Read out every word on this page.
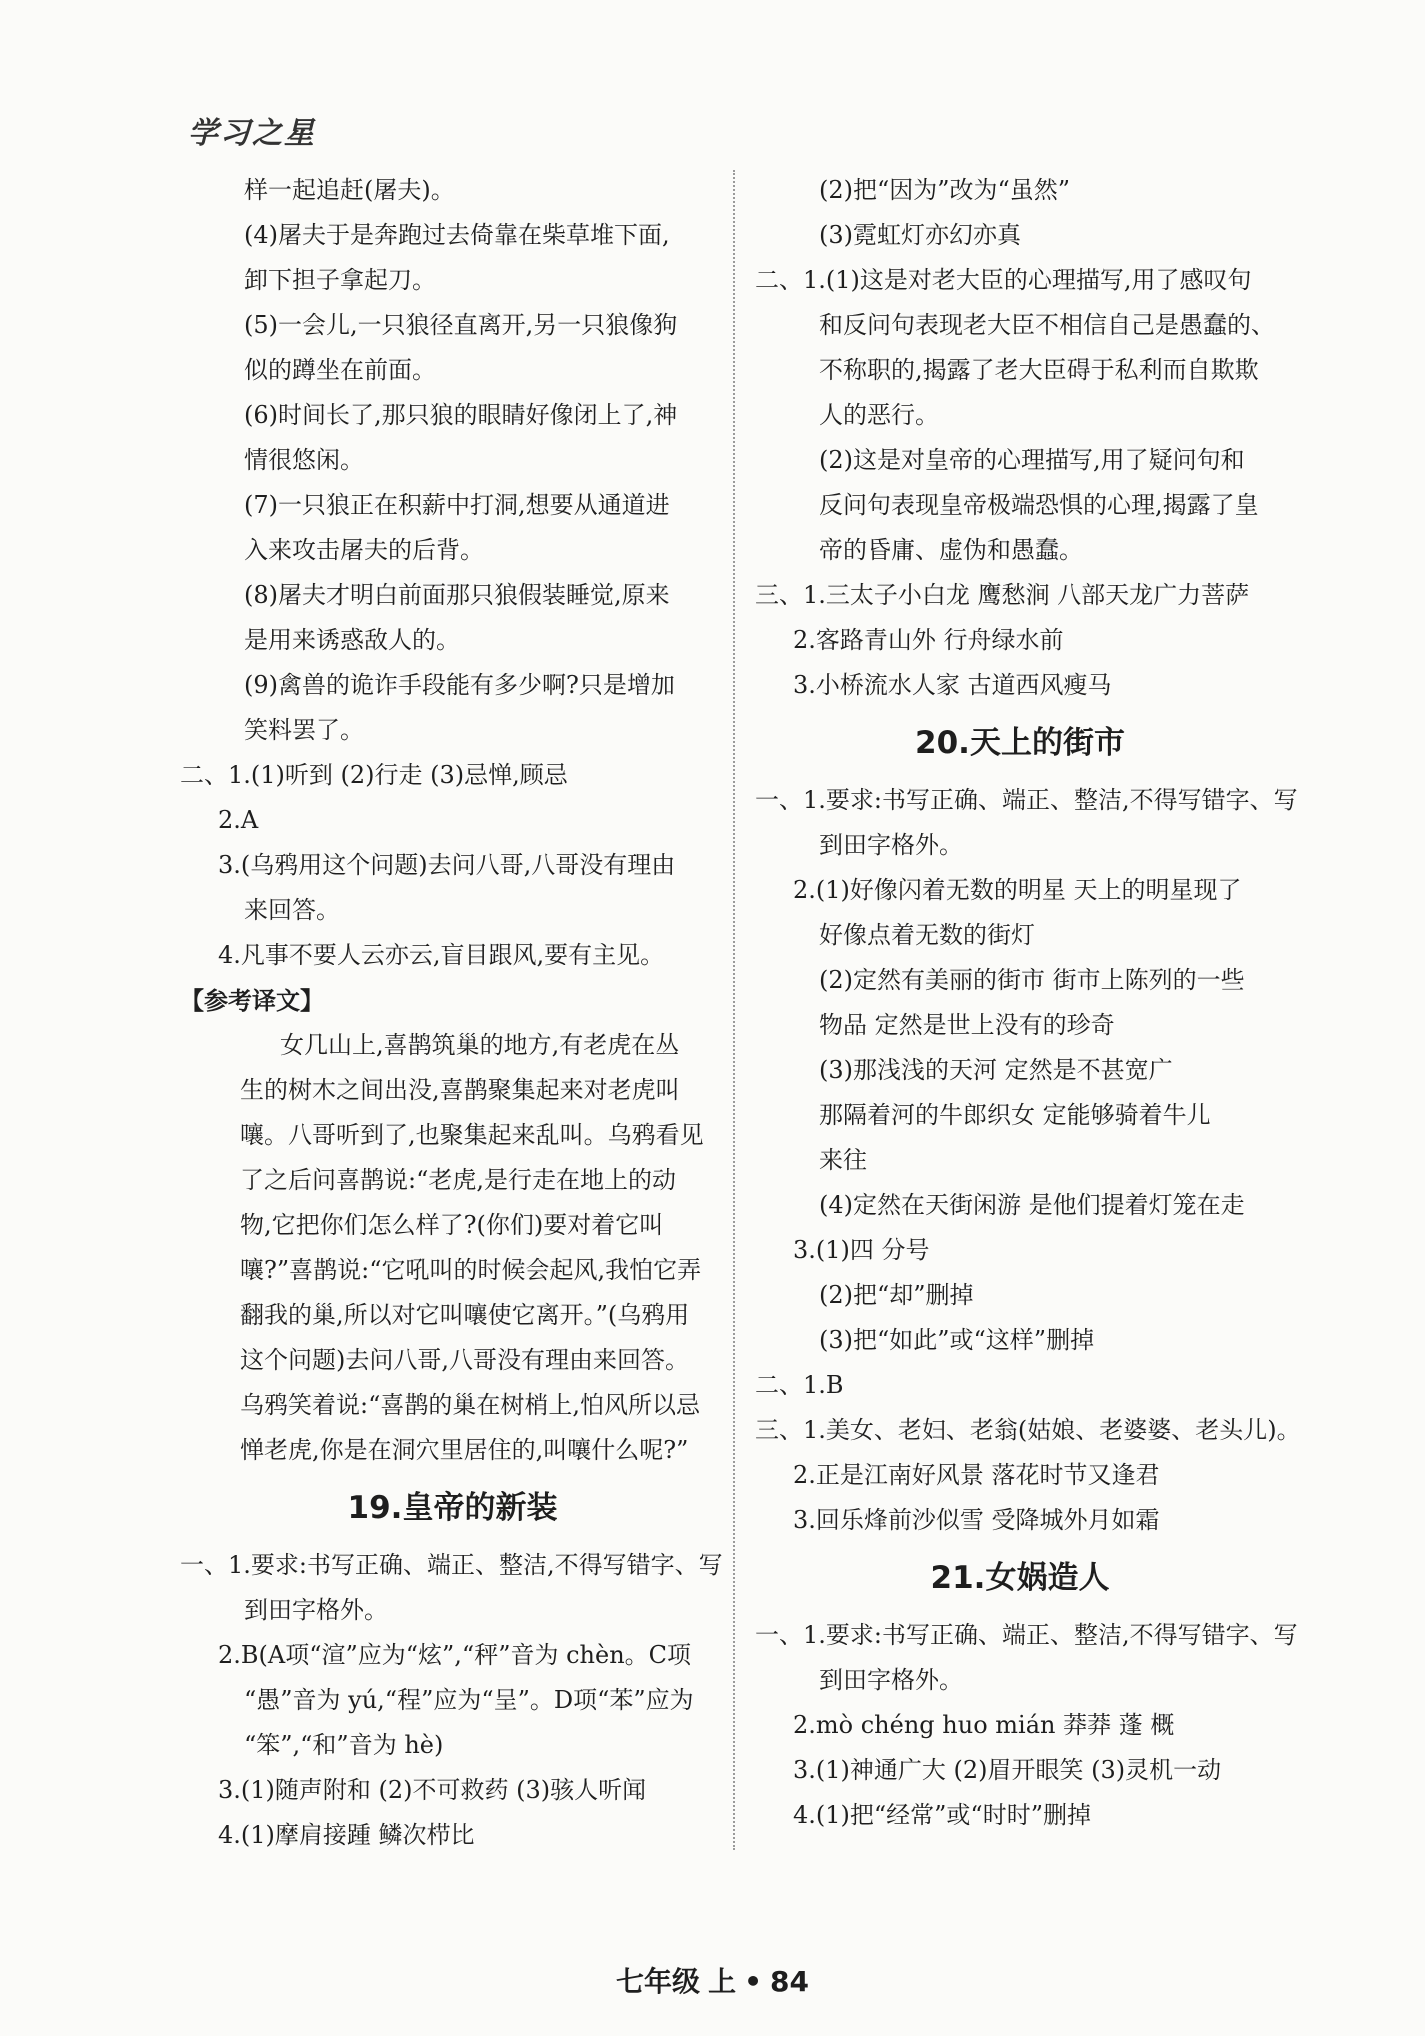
学习之星
样一起追赶(屠夫)。
(4)屠夫于是奔跑过去倚靠在柴草堆下面,
卸下担子拿起刀。
(5)一会儿,一只狼径直离开,另一只狼像狗
似的蹲坐在前面。
(6)时间长了,那只狼的眼睛好像闭上了,神
情很悠闲。
(7)一只狼正在积薪中打洞,想要从通道进
入来攻击屠夫的后背。
(8)屠夫才明白前面那只狼假装睡觉,原来
是用来诱惑敌人的。
(9)禽兽的诡诈手段能有多少啊?只是增加
笑料罢了。
二、1.(1)听到 (2)行走 (3)忌惮,顾忌
2.A
3.(乌鸦用这个问题)去问八哥,八哥没有理由
来回答。
4.凡事不要人云亦云,盲目跟风,要有主见。
【参考译文】
女几山上,喜鹊筑巢的地方,有老虎在丛
生的树木之间出没,喜鹊聚集起来对老虎叫
嚷。八哥听到了,也聚集起来乱叫。乌鸦看见
了之后问喜鹊说:“老虎,是行走在地上的动
物,它把你们怎么样了?(你们)要对着它叫
嚷?”喜鹊说:“它吼叫的时候会起风,我怕它弄
翻我的巢,所以对它叫嚷使它离开。”(乌鸦用
这个问题)去问八哥,八哥没有理由来回答。
乌鸦笑着说:“喜鹊的巢在树梢上,怕风所以忌
惮老虎,你是在洞穴里居住的,叫嚷什么呢?”
19.皇帝的新装
一、1.要求:书写正确、端正、整洁,不得写错字、写
到田字格外。
2.B(A项“渲”应为“炫”,“秤”音为 chèn。C项
“愚”音为 yú,“程”应为“呈”。D项“苯”应为
“笨”,“和”音为 hè)
3.(1)随声附和 (2)不可救药 (3)骇人听闻
4.(1)摩肩接踵 鳞次栉比
(2)把“因为”改为“虽然”
(3)霓虹灯亦幻亦真
二、1.(1)这是对老大臣的心理描写,用了感叹句
和反问句表现老大臣不相信自己是愚蠢的、
不称职的,揭露了老大臣碍于私利而自欺欺
人的恶行。
(2)这是对皇帝的心理描写,用了疑问句和
反问句表现皇帝极端恐惧的心理,揭露了皇
帝的昏庸、虚伪和愚蠢。
三、1.三太子小白龙 鹰愁涧 八部天龙广力菩萨
2.客路青山外 行舟绿水前
3.小桥流水人家 古道西风瘦马
20.天上的街市
一、1.要求:书写正确、端正、整洁,不得写错字、写
到田字格外。
2.(1)好像闪着无数的明星 天上的明星现了
好像点着无数的街灯
(2)定然有美丽的街市 街市上陈列的一些
物品 定然是世上没有的珍奇
(3)那浅浅的天河 定然是不甚宽广
那隔着河的牛郎织女 定能够骑着牛儿
来往
(4)定然在天街闲游 是他们提着灯笼在走
3.(1)四 分号
(2)把“却”删掉
(3)把“如此”或“这样”删掉
二、1.B
三、1.美女、老妇、老翁(姑娘、老婆婆、老头儿)。
2.正是江南好风景 落花时节又逢君
3.回乐烽前沙似雪 受降城外月如霜
21.女娲造人
一、1.要求:书写正确、端正、整洁,不得写错字、写
到田字格外。
2.mò chéng huo mián 莽莽 蓬 概
3.(1)神通广大 (2)眉开眼笑 (3)灵机一动
4.(1)把“经常”或“时时”删掉
七年级 上 • 84
